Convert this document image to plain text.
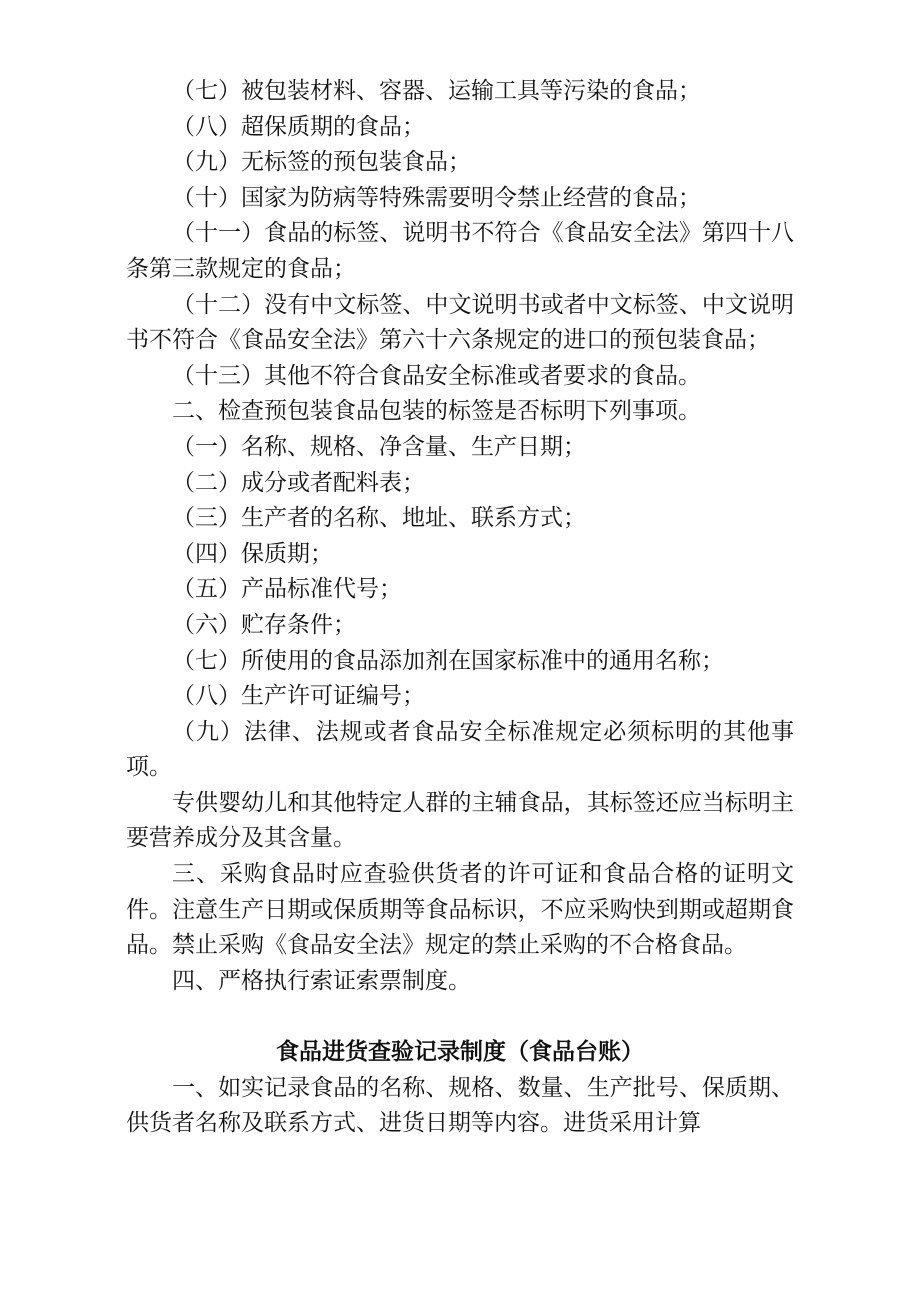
（七）被包装材料、容器、运输工具等污染的食品；

（八）超保质期的食品；

（九）无标签的预包装食品；

（十）国家为防病等特殊需要明令禁止经营的食品；

（十一）食品的标签、说明书不符合《食品安全法》第四十八条第三款规定的食品；

（十二）没有中文标签、中文说明书或者中文标签、中文说明书不符合《食品安全法》第六十六条规定的进口的预包装食品；

（十三）其他不符合食品安全标准或者要求的食品。

二、检查预包装食品包装的标签是否标明下列事项。

（一）名称、规格、净含量、生产日期；

（二）成分或者配料表；

（三）生产者的名称、地址、联系方式；

（四）保质期；

（五）产品标准代号；

（六）贮存条件；

（七）所使用的食品添加剂在国家标准中的通用名称；

（八）生产许可证编号；

（九）法律、法规或者食品安全标准规定必须标明的其他事项。

专供婴幼儿和其他特定人群的主辅食品，其标签还应当标明主要营养成分及其含量。

三、采购食品时应查验供货者的许可证和食品合格的证明文件。注意生产日期或保质期等食品标识，不应采购快到期或超期食品。禁止采购《食品安全法》规定的禁止采购的不合格食品。

四、严格执行索证索票制度。

食品进货查验记录制度（食品台账）

一、如实记录食品的名称、规格、数量、生产批号、保质期、供货者名称及联系方式、进货日期等内容。进货采用计算
